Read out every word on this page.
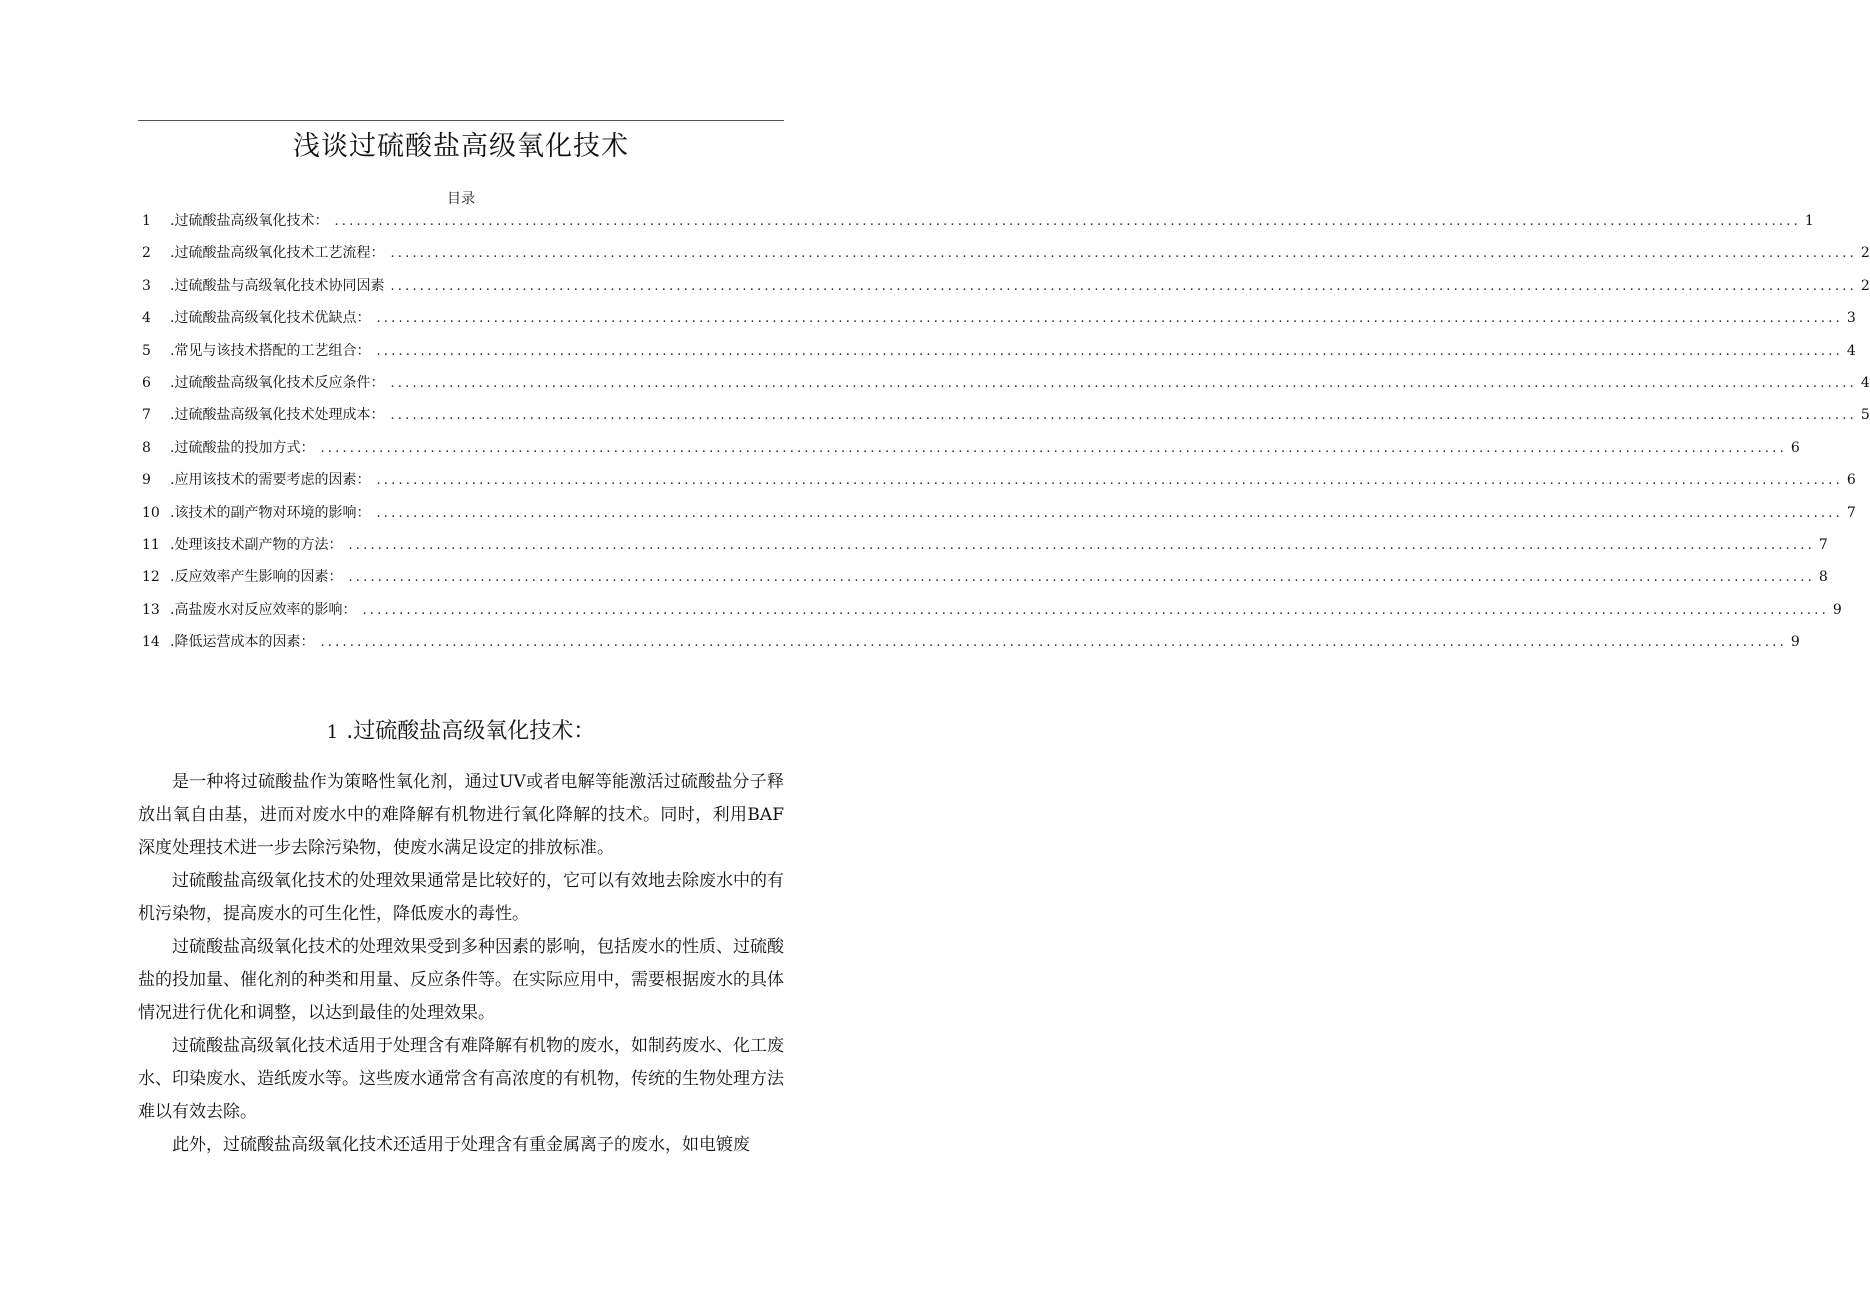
浅谈过硫酸盐高级氧化技术
目录
1	.过硫酸盐高级氧化技术： ........................................................................................................................................................................................................ 1
2	.过硫酸盐高级氧化技术工艺流程： ........................................................................................................................................................................................................ 2
3	.过硫酸盐与高级氧化技术协同因素 ........................................................................................................................................................................................................ 2
4	.过硫酸盐高级氧化技术优缺点： ........................................................................................................................................................................................................ 3
5	.常见与该技术搭配的工艺组合： ........................................................................................................................................................................................................ 4
6	.过硫酸盐高级氧化技术反应条件： ........................................................................................................................................................................................................ 4
7	.过硫酸盐高级氧化技术处理成本： ........................................................................................................................................................................................................ 5
8	.过硫酸盐的投加方式： ........................................................................................................................................................................................................ 6
9	.应用该技术的需要考虑的因素： ........................................................................................................................................................................................................ 6
10 .该技术的副产物对环境的影响： ........................................................................................................................................................................................................ 7
11 .处理该技术副产物的方法： ........................................................................................................................................................................................................ 7
12 .反应效率产生影响的因素： ........................................................................................................................................................................................................ 8
13 .高盐废水对反应效率的影响： ........................................................................................................................................................................................................ 9
14 .降低运营成本的因素： ........................................................................................................................................................................................................ 9
1 .过硫酸盐高级氧化技术：

是一种将过硫酸盐作为策略性氧化剂，通过UV或者电解等能激活过硫酸盐分子释放出氧自由基，进而对废水中的难降解有机物进行氧化降解的技术。同时，利用BAF深度处理技术进一步去除污染物，使废水满足设定的排放标准。

过硫酸盐高级氧化技术的处理效果通常是比较好的，它可以有效地去除废水中的有机污染物，提高废水的可生化性，降低废水的毒性。

过硫酸盐高级氧化技术的处理效果受到多种因素的影响，包括废水的性质、过硫酸盐的投加量、催化剂的种类和用量、反应条件等。在实际应用中，需要根据废水的具体情况进行优化和调整，以达到最佳的处理效果。

过硫酸盐高级氧化技术适用于处理含有难降解有机物的废水，如制药废水、化工废水、印染废水、造纸废水等。这些废水通常含有高浓度的有机物，传统的生物处理方法难以有效去除。

此外，过硫酸盐高级氧化技术还适用于处理含有重金属离子的废水，如电镀废
